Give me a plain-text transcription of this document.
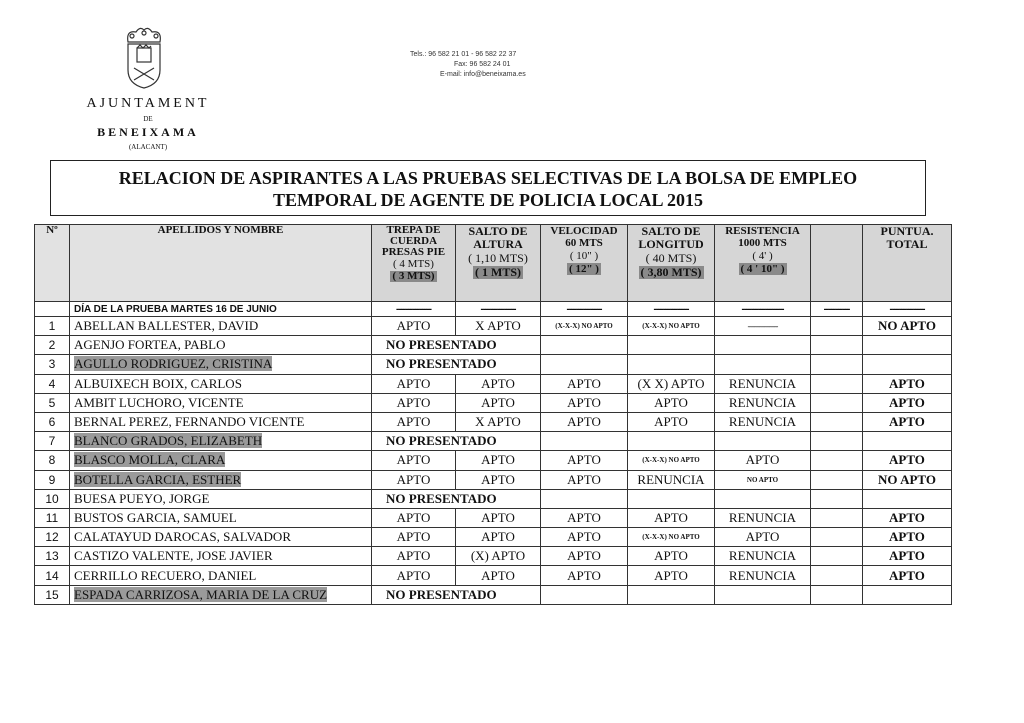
AJUNTAMENT
DE
BENEIXAMA
(ALACANT)
Tels.: 96 582 21 01 - 96 582 22 37
Fax: 96 582 24 01
E-mail: info@beneixama.es
RELACION DE ASPIRANTES A LAS PRUEBAS SELECTIVAS DE LA BOLSA DE EMPLEO
TEMPORAL DE AGENTE DE POLICIA LOCAL 2015
Nº	APELLIDOS Y NOMBRE	TREPA DE
CUERDA
PRESAS PIE
( 4 MTS)
( 3 MTS)	SALTO DE
ALTURA
( 1,10 MTS)
( 1 MTS)	VELOCIDAD
60 MTS
( 10" )
( 12" )	SALTO DE
LONGITUD
( 40 MTS)
( 3,80 MTS)	RESISTENCIA
1000 MTS
( 4' )
( 4 ' 10" )		PUNTUA.
TOTAL
	DÍA DE LA PRUEBA MARTES 16 DE JUNIO	---------------	---------------	---------------	---------------	------------------	-----------	---------------
1	ABELLAN BALLESTER, DAVID	APTO	X APTO	(X-X-X) NO APTO	(X-X-X) NO APTO	------------------		NO APTO
2	AGENJO FORTEA, PABLO	NO PRESENTADO						
3	AGULLO RODRIGUEZ, CRISTINA	NO PRESENTADO						
4	ALBUIXECH BOIX, CARLOS	APTO	APTO	APTO	(X X) APTO	RENUNCIA		APTO
5	AMBIT LUCHORO, VICENTE	APTO	APTO	APTO	APTO	RENUNCIA		APTO
6	BERNAL PEREZ, FERNANDO VICENTE	APTO	X APTO	APTO	APTO	RENUNCIA		APTO
7	BLANCO GRADOS, ELIZABETH	NO PRESENTADO						
8	BLASCO MOLLA, CLARA	APTO	APTO	APTO	(X-X-X) NO APTO	APTO		APTO
9	BOTELLA GARCIA, ESTHER	APTO	APTO	APTO	RENUNCIA	NO APTO		NO APTO
10	BUESA PUEYO, JORGE	NO PRESENTADO						
11	BUSTOS GARCIA, SAMUEL	APTO	APTO	APTO	APTO	RENUNCIA		APTO
12	CALATAYUD DAROCAS, SALVADOR	APTO	APTO	APTO	(X-X-X) NO APTO	APTO		APTO
13	CASTIZO VALENTE, JOSE JAVIER	APTO	(X) APTO	APTO	APTO	RENUNCIA		APTO
14	CERRILLO RECUERO, DANIEL	APTO	APTO	APTO	APTO	RENUNCIA		APTO
15	ESPADA CARRIZOSA, MARIA DE LA CRUZ	NO PRESENTADO						
